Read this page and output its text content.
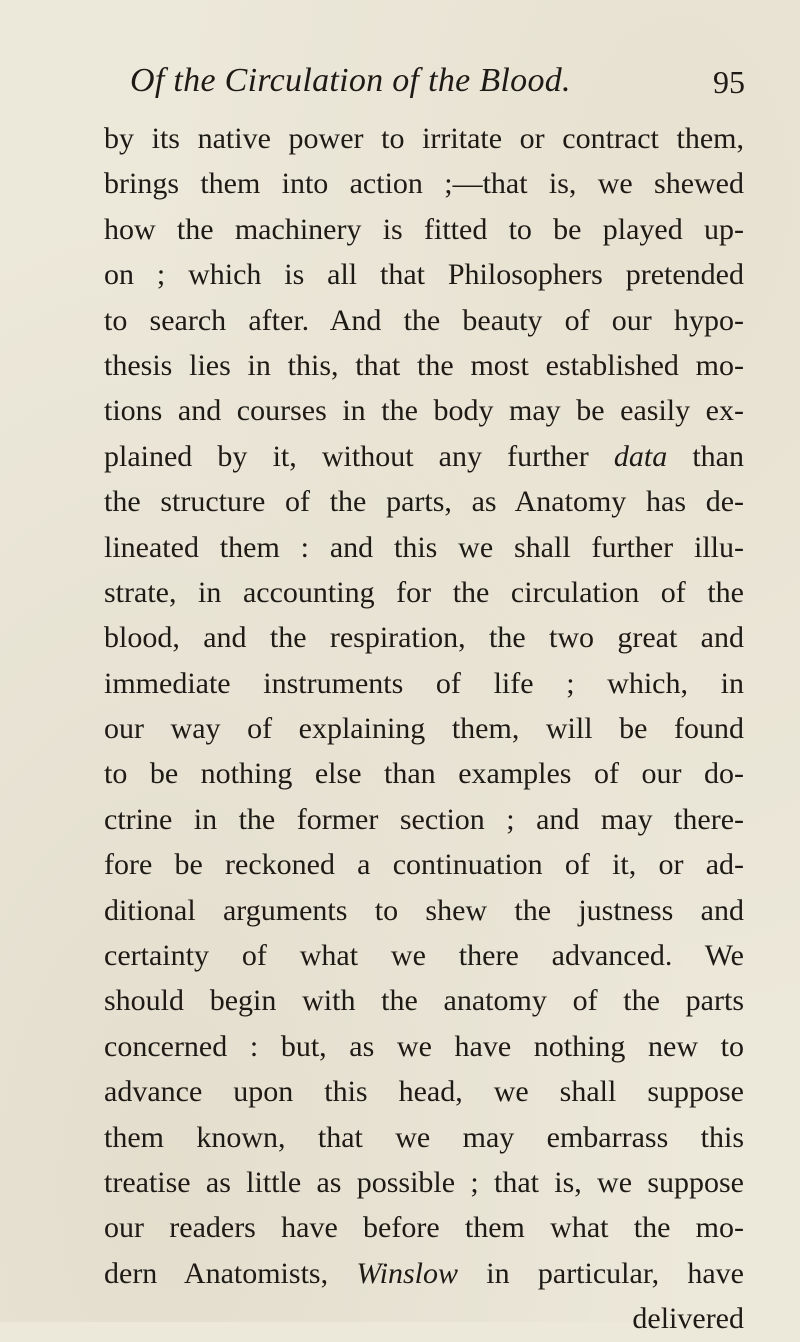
Of the Circulation of the Blood.	95
by its native power to irritate or contract them,
brings them into action ;—that is, we shewed
how the machinery is fitted to be played up-
on ; which is all that Philosophers pretended
to search after. And the beauty of our hypo-
thesis lies in this, that the most established mo-
tions and courses in the body may be easily ex-
plained by it, without any further data than
the structure of the parts, as Anatomy has de-
lineated them : and this we shall further illu-
strate, in accounting for the circulation of the
blood, and the respiration, the two great and
immediate instruments of life ; which, in
our way of explaining them, will be found
to be nothing else than examples of our do-
ctrine in the former section ; and may there-
fore be reckoned a continuation of it, or ad-
ditional arguments to shew the justness and
certainty of what we there advanced. We
should begin with the anatomy of the parts
concerned : but, as we have nothing new to
advance upon this head, we shall suppose
them known, that we may embarrass this
treatise as little as possible ; that is, we suppose
our readers have before them what the mo-
dern Anatomists, Winslow in particular, have
delivered
